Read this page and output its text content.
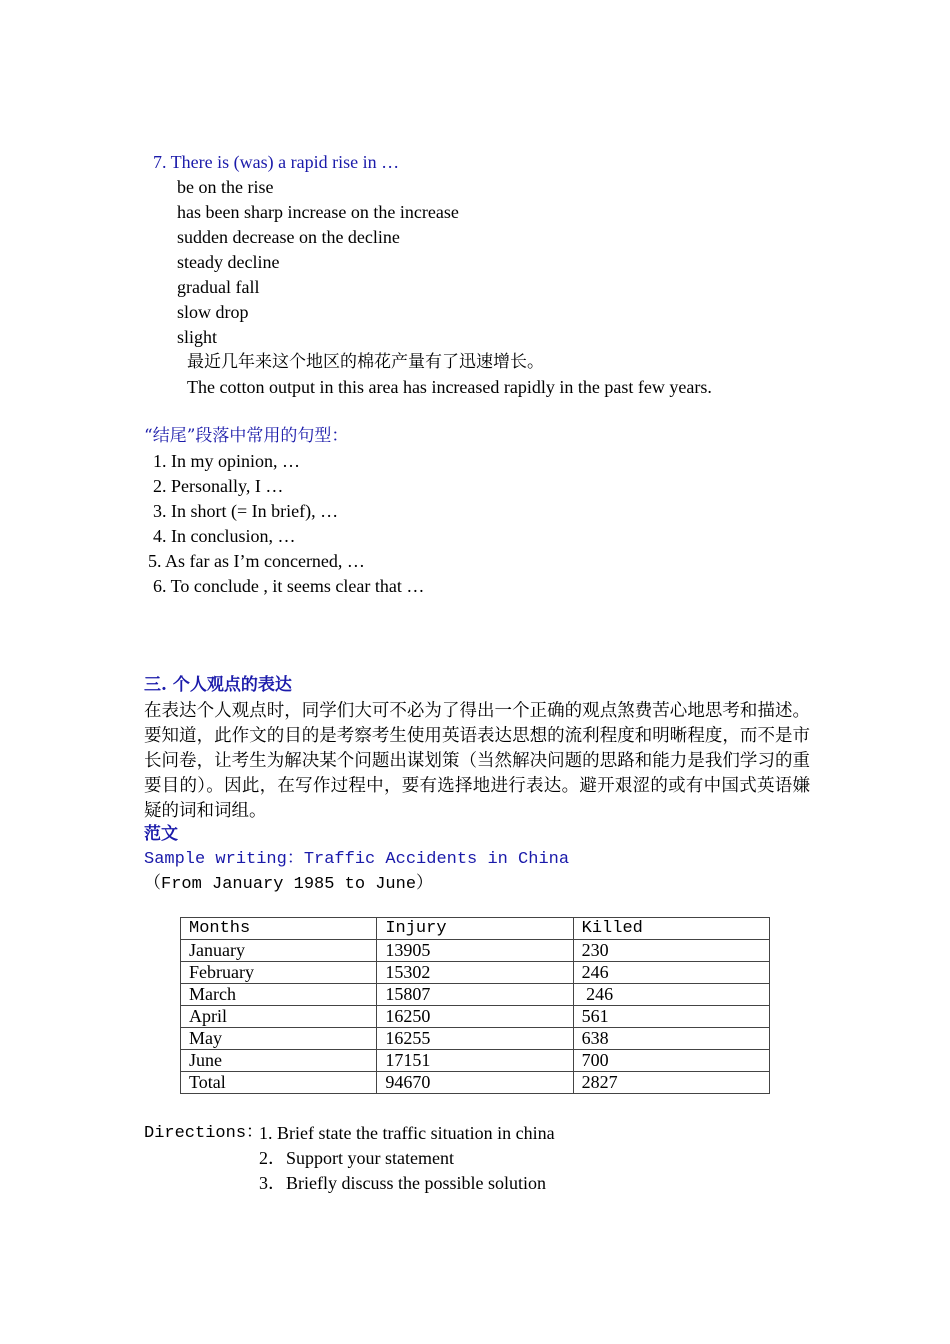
7. There is (was) a rapid rise in …
be on the rise
has been sharp increase on the increase
sudden decrease on the decline
steady decline
gradual fall
slow drop
slight
最近几年来这个地区的棉花产量有了迅速增长。
The cotton output in this area has increased rapidly in the past few years.
“结尾”段落中常用的句型：
1. In my opinion, …
2. Personally, I …
3. In short (= In brief), …
4. In conclusion, …
5. As far as I’m concerned, …
6. To conclude , it seems clear that …
三. 个人观点的表达
在表达个人观点时，同学们大可不必为了得出一个正确的观点煞费苦心地思考和描述。要知道，此作文的目的是考察考生使用英语表达思想的流利程度和明晰程度，而不是市长问卷，让考生为解决某个问题出谋划策（当然解决问题的思路和能力是我们学习的重要目的）。因此，在写作过程中，要有选择地进行表达。避开艰涩的或有中国式英语嫌疑的词和词组。
范文
Sample writing：Traffic Accidents in China
（From January 1985 to June）
Months	Injury	Killed
January	13905	230
February	15302	246
March	15807	246
April	16250	561
May	16255	638
June	17151	700
Total	94670	2827
Directions：
1. Brief state the traffic situation in china
2．Support your statement
3．Briefly discuss the possible solution
